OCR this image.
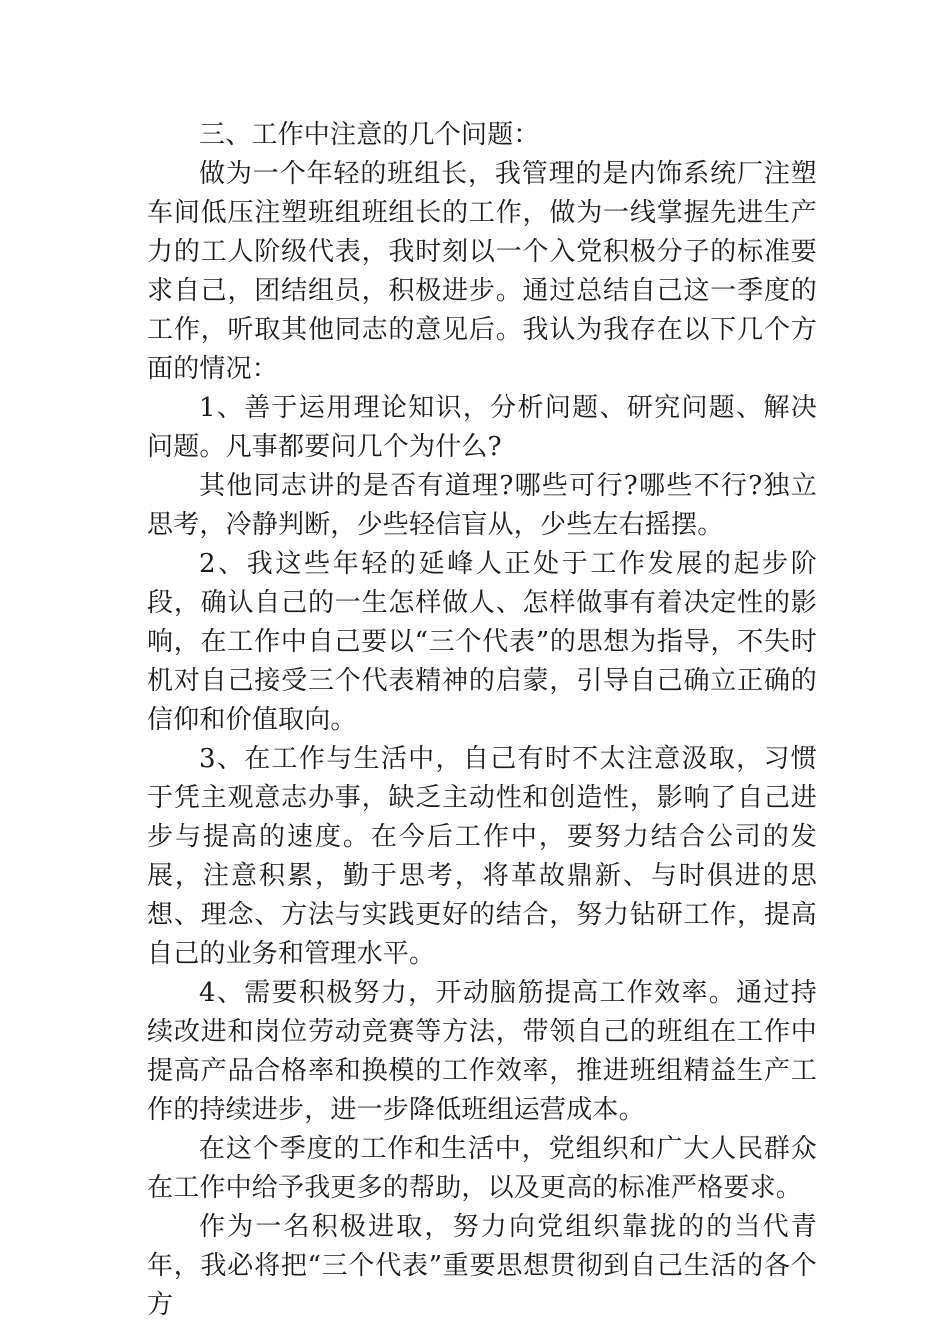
三、工作中注意的几个问题：

做为一个年轻的班组长，我管理的是内饰系统厂注塑车间低压注塑班组班组长的工作，做为一线掌握先进生产力的工人阶级代表，我时刻以一个入党积极分子的标准要求自己，团结组员，积极进步。通过总结自己这一季度的工作，听取其他同志的意见后。我认为我存在以下几个方面的情况：

1、善于运用理论知识，分析问题、研究问题、解决问题。凡事都要问几个为什么?

其他同志讲的是否有道理?哪些可行?哪些不行?独立思考，冷静判断，少些轻信盲从，少些左右摇摆。

2、我这些年轻的延峰人正处于工作发展的起步阶段，确认自己的一生怎样做人、怎样做事有着决定性的影响，在工作中自己要以“三个代表”的思想为指导，不失时机对自己接受三个代表精神的启蒙，引导自己确立正确的信仰和价值取向。

3、在工作与生活中，自己有时不太注意汲取，习惯于凭主观意志办事，缺乏主动性和创造性，影响了自己进步与提高的速度。在今后工作中，要努力结合公司的发展，注意积累，勤于思考，将革故鼎新、与时俱进的思想、理念、方法与实践更好的结合，努力钻研工作，提高自己的业务和管理水平。

4、需要积极努力，开动脑筋提高工作效率。通过持续改进和岗位劳动竞赛等方法，带领自己的班组在工作中提高产品合格率和换模的工作效率，推进班组精益生产工作的持续进步，进一步降低班组运营成本。

在这个季度的工作和生活中，党组织和广大人民群众在工作中给予我更多的帮助，以及更高的标准严格要求。

作为一名积极进取，努力向党组织靠拢的的当代青年，我必将把“三个代表”重要思想贯彻到自己生活的各个方
